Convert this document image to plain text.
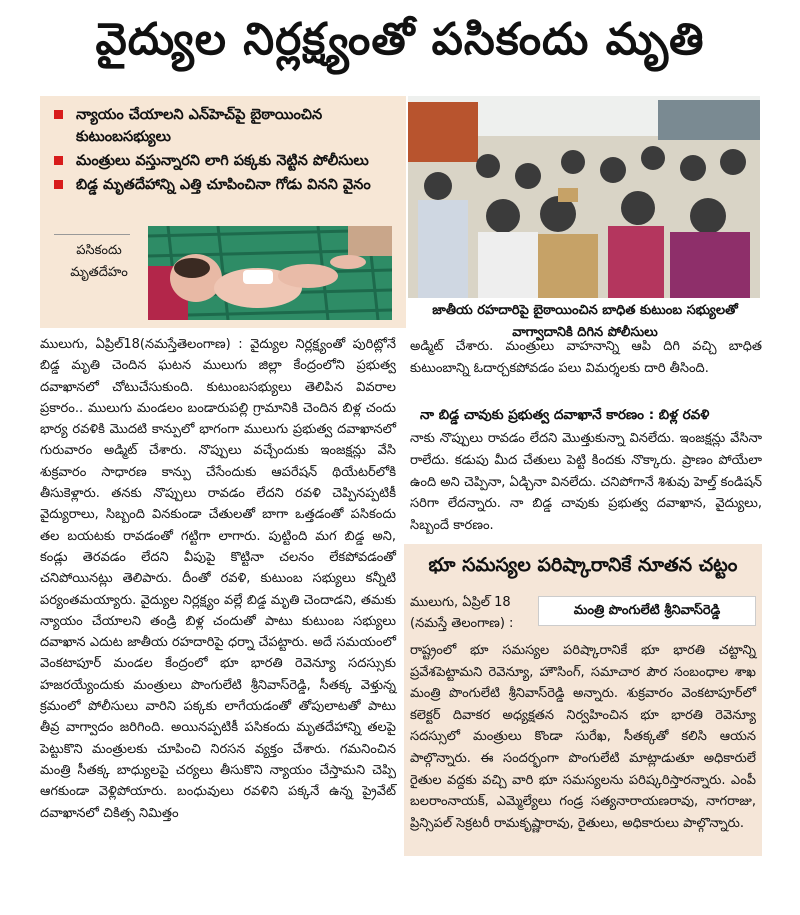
వైద్యుల నిర్లక్ష్యంతో పసికందు మృతి
న్యాయం చేయాలని ఎన్‌హెచ్‌పై బైఠాయించిన కుటుంబసభ్యులు
మంత్రులు వస్తున్నారని లాగి పక్కకు నెట్టిన పోలీసులు
బిడ్డ మృతదేహాన్ని ఎత్తి చూపించినా గోడు వినని వైనం
పసికందు మృతదేహం
జాతీయ రహదారిపై బైఠాయించిన బాధిత కుటుంబ సభ్యులతో వాగ్వాదానికి దిగిన పోలీసులు

ములుగు, ఏప్రిల్‌18(నమస్తేతెలంగాణ) : వైద్యుల నిర్లక్ష్యంతో పురిట్లోనే బిడ్డ మృతి చెందిన ఘటన ములుగు జిల్లా కేంద్రంలోని ప్రభుత్వ దవాఖానలో చోటుచేసుకుంది. కుటుంబసభ్యులు తెలిపిన వివరాల ప్రకారం.. ములుగు మండలం బండారుపల్లి గ్రామానికి చెందిన బిళ్ల చందు భార్య రవళికి మొదటి కాన్పులో భాగంగా ములుగు ప్రభుత్వ దవాఖానలో గురువారం అడ్మిట్‌ చేశారు. నొప్పులు వచ్చేందుకు ఇంజక్షన్లు వేసి శుక్రవారం సాధారణ కాన్పు చేసేందుకు ఆపరేషన్‌ థియేటర్‌లోకి తీసుకెళ్లారు. తనకు నొప్పులు రావడం లేదని రవళి చెప్పినప్పటికీ వైద్యురాలు, సిబ్బంది వినకుండా చేతులతో బాగా ఒత్తడంతో పసికందు తల బయటకు రావడంతో గట్టిగా లాగారు. పుట్టింది మగ బిడ్డ అని, కండ్లు తెరవడం లేదని వీపుపై కొట్టినా చలనం లేకపోవడంతో చనిపోయినట్లు తెలిపారు. దీంతో రవళి, కుటుంబ సభ్యులు కన్నీటి పర్యంతమయ్యారు. వైద్యుల నిర్లక్ష్యం వల్లే బిడ్డ మృతి చెందాడని, తమకు న్యాయం చేయాలని తండ్రి బిళ్ల చందుతో పాటు కుటుంబ సభ్యులు దవాఖాన ఎదుట జాతీయ రహదారిపై ధర్నా చేపట్టారు. అదే సమయంలో వెంకటాపూర్‌ మండల కేంద్రంలో భూ భారతి రెవెన్యూ సదస్సుకు హజరయ్యేందుకు మంత్రులు పొంగులేటి శ్రీనివాస్‌రెడ్డి, సీతక్క వెళ్తున్న క్రమంలో పోలీసులు వారిని పక్కకు లాగేయడంతో తోపులాటతో పాటు తీవ్ర వాగ్వాదం జరిగింది. అయినప్పటికీ పసికందు మృతదేహాన్ని తలపై పెట్టుకొని మంత్రులకు చూపించి నిరసన వ్యక్తం చేశారు. గమనించిన మంత్రి సీతక్క బాధ్యులపై చర్యలు తీసుకొని న్యాయం చేస్తామని చెప్పి ఆగకుండా వెళ్లిపోయారు. బంధువులు రవళిని పక్కనే ఉన్న ప్రైవేట్‌ దవాఖానలో చికిత్స నిమిత్తం

అడ్మిట్‌ చేశారు. మంత్రులు వాహనాన్ని ఆపి దిగి వచ్చి బాధిత కుటుంబాన్ని ఓదార్చకపోవడం పలు విమర్శలకు దారి తీసింది.

నా బిడ్డ చావుకు ప్రభుత్వ దవాఖానే కారణం : బిళ్ల రవళి

నాకు నొప్పులు రావడం లేదని మొత్తుకున్నా వినలేదు. ఇంజక్షన్లు వేసినా రాలేదు. కడుపు మీద చేతులు పెట్టి కిందకు నొక్కారు. ప్రాణం పోయేలా ఉంది అని చెప్పినా, ఏడ్చినా వినలేదు. చనిపోగానే శిశువు హెల్త్‌ కండిషన్‌ సరిగా లేదన్నారు. నా బిడ్డ చావుకు ప్రభుత్వ దవాఖాన, వైద్యులు, సిబ్బందే కారణం.

భూ సమస్యల పరిష్కారానికే నూతన చట్టం
ములుగు, ఏప్రిల్‌ 18 (నమస్తే తెలంగాణ) :
మంత్రి పొంగులేటి శ్రీనివాస్‌రెడ్డి

రాష్ట్రంలో భూ సమస్యల పరిష్కారానికే భూ భారతి చట్టాన్ని ప్రవేశపెట్టామని రెవెన్యూ, హౌసింగ్‌, సమాచార పౌర సంబంధాల శాఖ మంత్రి పొంగులేటి శ్రీనివాస్‌రెడ్డి అన్నారు. శుక్రవారం వెంకటాపూర్‌లో కలెక్టర్‌ దివాకర అధ్యక్షతన నిర్వహించిన భూ భారతి రెవెన్యూ సదస్సులో మంత్రులు కొండా సురేఖ, సీతక్కతో కలిసి ఆయన పాల్గొన్నారు. ఈ సందర్భంగా పొంగులేటి మాట్లాడుతూ అధికారులే రైతుల వద్దకు వచ్చి వారి భూ సమస్యలను పరిష్కరిస్తారన్నారు. ఎంపీ బలరాంనాయక్‌, ఎమ్మెల్యేలు గండ్ర సత్యనారాయణరావు, నాగరాజు, ప్రిన్సిపల్‌ సెక్రటరీ రామకృష్ణారావు, రైతులు, అధికారులు పాల్గొన్నారు.
